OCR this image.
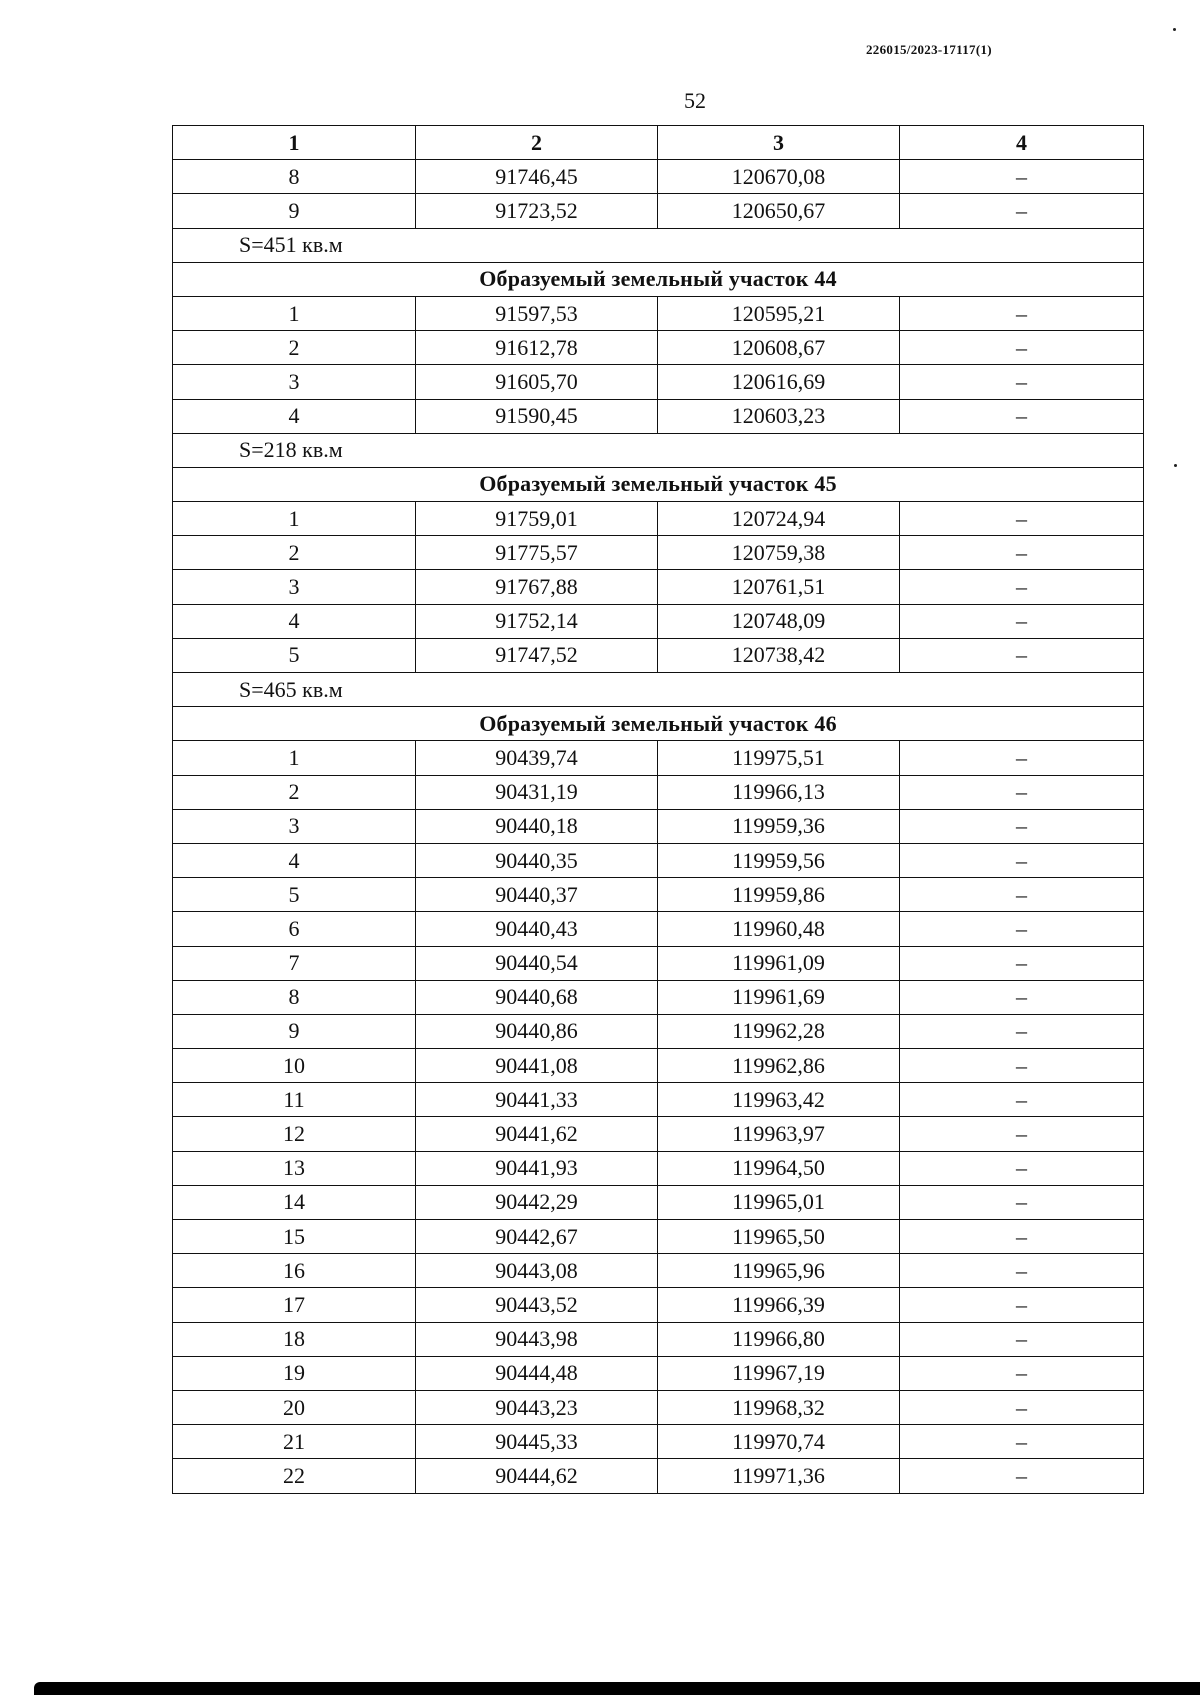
226015/2023-17117(1)
52
1	2	3	4
8	91746,45	120670,08	–
9	91723,52	120650,67	–
S=451 кв.м			
Образуемый земельный участок 44			
1	91597,53	120595,21	–
2	91612,78	120608,67	–
3	91605,70	120616,69	–
4	91590,45	120603,23	–
S=218 кв.м			
Образуемый земельный участок 45			
1	91759,01	120724,94	–
2	91775,57	120759,38	–
3	91767,88	120761,51	–
4	91752,14	120748,09	–
5	91747,52	120738,42	–
S=465 кв.м			
Образуемый земельный участок 46			
1	90439,74	119975,51	–
2	90431,19	119966,13	–
3	90440,18	119959,36	–
4	90440,35	119959,56	–
5	90440,37	119959,86	–
6	90440,43	119960,48	–
7	90440,54	119961,09	–
8	90440,68	119961,69	–
9	90440,86	119962,28	–
10	90441,08	119962,86	–
11	90441,33	119963,42	–
12	90441,62	119963,97	–
13	90441,93	119964,50	–
14	90442,29	119965,01	–
15	90442,67	119965,50	–
16	90443,08	119965,96	–
17	90443,52	119966,39	–
18	90443,98	119966,80	–
19	90444,48	119967,19	–
20	90443,23	119968,32	–
21	90445,33	119970,74	–
22	90444,62	119971,36	–
